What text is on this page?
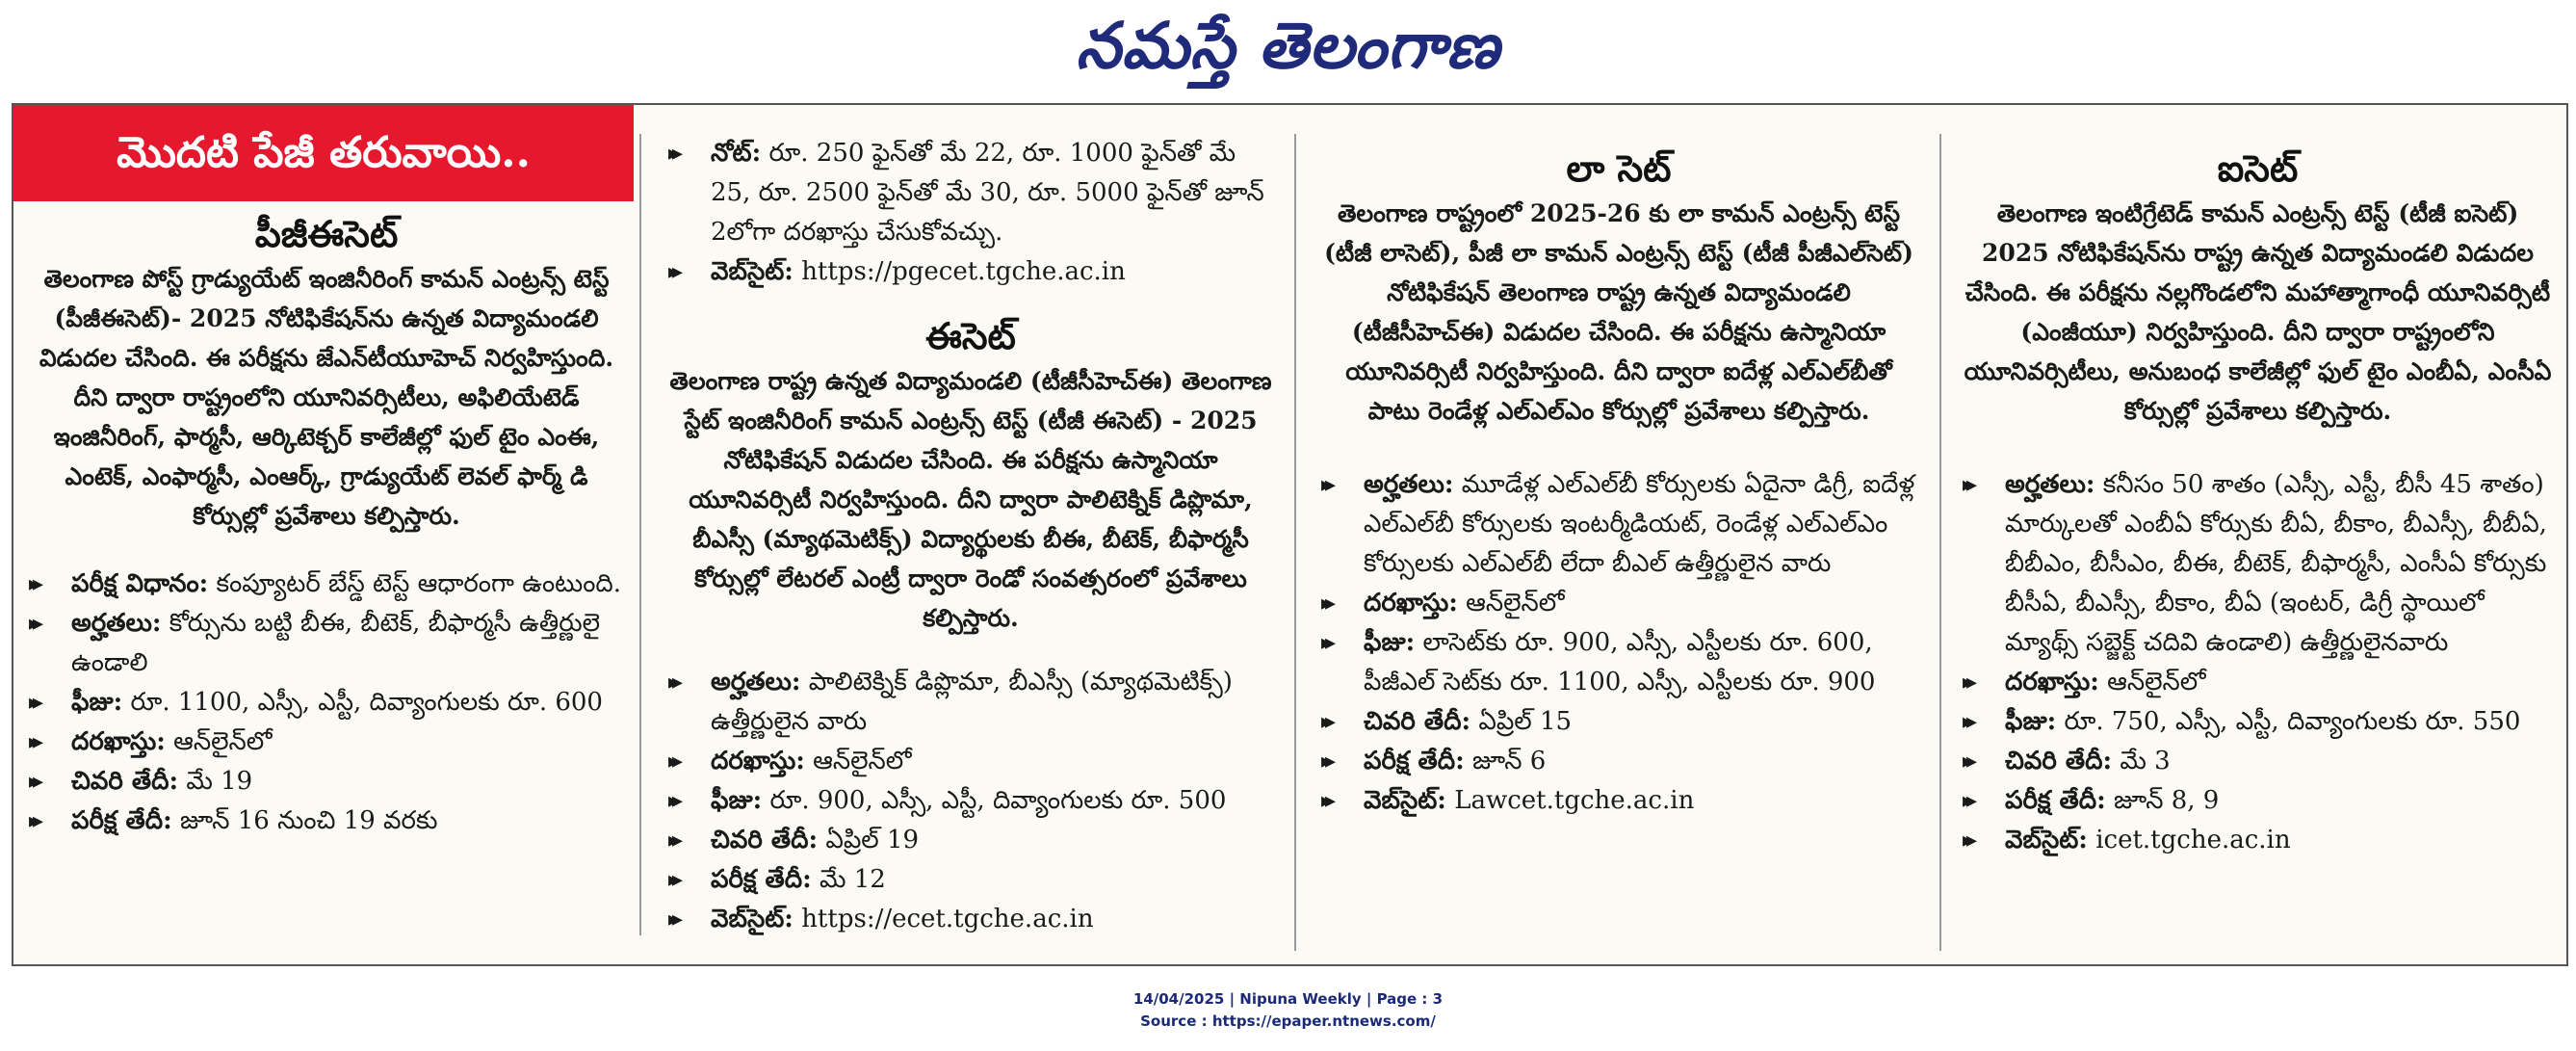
నమస్తే తెలంగాణ
మొదటి పేజీ తరువాయి..
పీజీఈసెట్

తెలంగాణ పోస్ట్ గ్రాడ్యుయేట్ ఇంజినీరింగ్ కామన్ ఎంట్రన్స్ టెస్ట్ (పీజీఈసెట్)- 2025 నోటిఫికేషన్‌ను ఉన్నత విద్యామండలి విడుదల చేసింది. ఈ పరీక్షను జేఎన్‌టీయూహెచ్ నిర్వహిస్తుంది. దీని ద్వారా రాష్ట్రంలోని యూనివర్సిటీలు, అఫిలియేటెడ్ ఇంజినీరింగ్, ఫార్మసీ, ఆర్కిటెక్చర్ కాలేజీల్లో ఫుల్ టైం ఎంఈ, ఎంటెక్, ఎంఫార్మసీ, ఎంఆర్క్, గ్రాడ్యుయేట్ లెవల్ ఫార్మ్ డి కోర్సుల్లో ప్రవేశాలు కల్పిస్తారు.

▸▸ పరీక్ష విధానం: కంప్యూటర్ బేస్డ్ టెస్ట్ ఆధారంగా ఉంటుంది.
▸▸ అర్హతలు: కోర్సును బట్టి బీఈ, బీటెక్, బీఫార్మసీ ఉత్తీర్ణులై ఉండాలి
▸▸ ఫీజు: రూ. 1100, ఎస్సీ, ఎస్టీ, దివ్యాంగులకు రూ. 600
▸▸ దరఖాస్తు: ఆన్‌లైన్‌లో
▸▸ చివరి తేదీ: మే 19
▸▸ పరీక్ష తేదీ: జూన్ 16 నుంచి 19 వరకు
▸▸ నోట్: రూ. 250 ఫైన్‌తో మే 22, రూ. 1000 ఫైన్‌తో మే 25, రూ. 2500 ఫైన్‌తో మే 30, రూ. 5000 ఫైన్‌తో జూన్ 2లోగా దరఖాస్తు చేసుకోవచ్చు.
▸▸ వెబ్‌సైట్: https://pgecet.tgche.ac.in
ఈసెట్

తెలంగాణ రాష్ట్ర ఉన్నత విద్యామండలి (టీజీసీహెచ్ఈ) తెలంగాణ స్టేట్ ఇంజినీరింగ్ కామన్ ఎంట్రన్స్ టెస్ట్ (టీజీ ఈసెట్) - 2025 నోటిఫికేషన్ విడుదల చేసింది. ఈ పరీక్షను ఉస్మానియా యూనివర్సిటీ నిర్వహిస్తుంది. దీని ద్వారా పాలిటెక్నిక్ డిప్లొమా, బీఎస్సీ (మ్యాథమెటిక్స్) విద్యార్థులకు బీఈ, బీటెక్, బీఫార్మసీ కోర్సుల్లో లేటరల్ ఎంట్రీ ద్వారా రెండో సంవత్సరంలో ప్రవేశాలు కల్పిస్తారు.

▸▸ అర్హతలు: పాలిటెక్నిక్ డిప్లొమా, బీఎస్సీ (మ్యాథమెటిక్స్) ఉత్తీర్ణులైన వారు
▸▸ దరఖాస్తు: ఆన్‌లైన్‌లో
▸▸ ఫీజు: రూ. 900, ఎస్సీ, ఎస్టీ, దివ్యాంగులకు రూ. 500
▸▸ చివరి తేదీ: ఏప్రిల్ 19
▸▸ పరీక్ష తేదీ: మే 12
▸▸ వెబ్‌సైట్: https://ecet.tgche.ac.in
లా సెట్

తెలంగాణ రాష్ట్రంలో 2025-26 కు లా కామన్ ఎంట్రన్స్ టెస్ట్ (టీజీ లాసెట్), పీజీ లా కామన్ ఎంట్రన్స్ టెస్ట్ (టీజీ పీజీఎల్‌సెట్) నోటిఫికేషన్ తెలంగాణ రాష్ట్ర ఉన్నత విద్యామండలి (టీజీసీహెచ్ఈ) విడుదల చేసింది. ఈ పరీక్షను ఉస్మానియా యూనివర్సిటీ నిర్వహిస్తుంది. దీని ద్వారా ఐదేళ్ల ఎల్ఎల్‌బీతో పాటు రెండేళ్ల ఎల్ఎల్ఎం కోర్సుల్లో ప్రవేశాలు కల్పిస్తారు.

▸▸ అర్హతలు: మూడేళ్ల ఎల్ఎల్‌బీ కోర్సులకు ఏదైనా డిగ్రీ, ఐదేళ్ల ఎల్ఎల్‌బీ కోర్సులకు ఇంటర్మీడియట్, రెండేళ్ల ఎల్ఎల్ఎం కోర్సులకు ఎల్ఎల్‌బీ లేదా బీఎల్ ఉత్తీర్ణులైన వారు
▸▸ దరఖాస్తు: ఆన్‌లైన్‌లో
▸▸ ఫీజు: లాసెట్‌కు రూ. 900, ఎస్సీ, ఎస్టీలకు రూ. 600, పీజీఎల్ సెట్‌కు రూ. 1100, ఎస్సీ, ఎస్టీలకు రూ. 900
▸▸ చివరి తేదీ: ఏప్రిల్ 15
▸▸ పరీక్ష తేదీ: జూన్ 6
▸▸ వెబ్‌సైట్: Lawcet.tgche.ac.in
ఐసెట్

తెలంగాణ ఇంటిగ్రేటెడ్ కామన్ ఎంట్రన్స్ టెస్ట్ (టీజీ ఐసెట్) 2025 నోటిఫికేషన్‌ను రాష్ట్ర ఉన్నత విద్యామండలి విడుదల చేసింది. ఈ పరీక్షను నల్లగొండలోని మహాత్మాగాంధీ యూనివర్సిటీ (ఎంజీయూ) నిర్వహిస్తుంది. దీని ద్వారా రాష్ట్రంలోని యూనివర్సిటీలు, అనుబంధ కాలేజీల్లో ఫుల్ టైం ఎంబీఏ, ఎంసీఏ కోర్సుల్లో ప్రవేశాలు కల్పిస్తారు.

▸▸ అర్హతలు: కనీసం 50 శాతం (ఎస్సీ, ఎస్టీ, బీసీ 45 శాతం) మార్కులతో ఎంబీఏ కోర్సుకు బీఏ, బీకాం, బీఎస్సీ, బీబీఏ, బీబీఎం, బీసీఎం, బీఈ, బీటెక్, బీఫార్మసీ, ఎంసీఏ కోర్సుకు బీసీఏ, బీఎస్సీ, బీకాం, బీఏ (ఇంటర్, డిగ్రీ స్థాయిలో మ్యాథ్స్ సబ్జెక్ట్ చదివి ఉండాలి) ఉత్తీర్ణులైనవారు
▸▸ దరఖాస్తు: ఆన్‌లైన్‌లో
▸▸ ఫీజు: రూ. 750, ఎస్సీ, ఎస్టీ, దివ్యాంగులకు రూ. 550
▸▸ చివరి తేదీ: మే 3
▸▸ పరీక్ష తేదీ: జూన్ 8, 9
▸▸ వెబ్‌సైట్: icet.tgche.ac.in
14/04/2025 | Nipuna Weekly | Page : 3
Source : https://epaper.ntnews.com/
